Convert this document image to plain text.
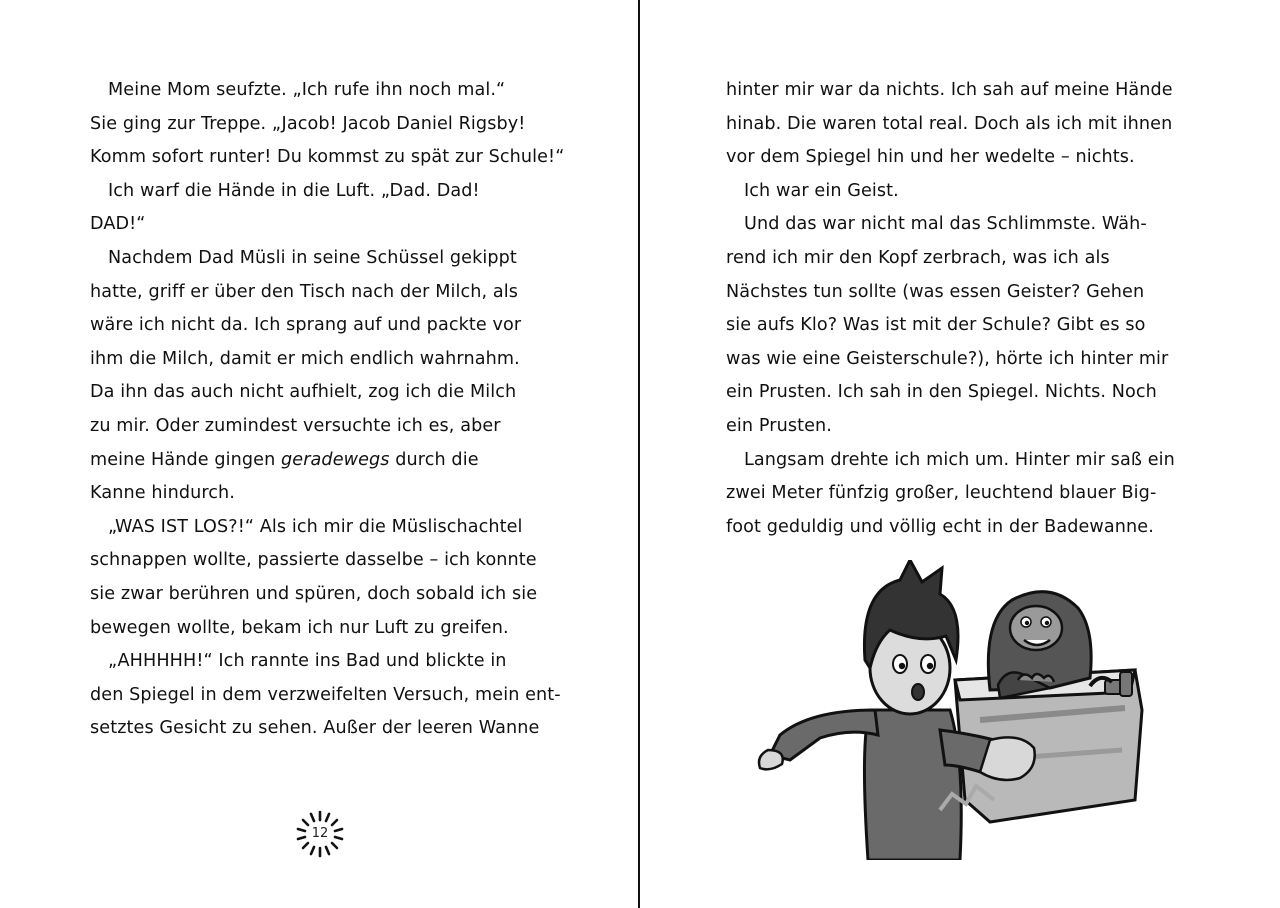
Meine Mom seufzte. „Ich rufe ihn noch mal.“
Sie ging zur Treppe. „Jacob! Jacob Daniel Rigsby!
Komm sofort runter! Du kommst zu spät zur Schule!“
Ich warf die Hände in die Luft. „Dad. Dad!
DAD!“
Nachdem Dad Müsli in seine Schüssel gekippt
hatte, griff er über den Tisch nach der Milch, als
wäre ich nicht da. Ich sprang auf und packte vor
ihm die Milch, damit er mich endlich wahrnahm.
Da ihn das auch nicht aufhielt, zog ich die Milch
zu mir. Oder zumindest versuchte ich es, aber
meine Hände gingen geradewegs durch die
Kanne hindurch.
„WAS IST LOS?!“ Als ich mir die Müslischachtel
schnappen wollte, passierte dasselbe – ich konnte
sie zwar berühren und spüren, doch sobald ich sie
bewegen wollte, bekam ich nur Luft zu greifen.
„AHHHHH!“ Ich rannte ins Bad und blickte in
den Spiegel in dem verzweifelten Versuch, mein ent-
setztes Gesicht zu sehen. Außer der leeren Wanne
12
hinter mir war da nichts. Ich sah auf meine Hände
hinab. Die waren total real. Doch als ich mit ihnen
vor dem Spiegel hin und her wedelte – nichts.
Ich war ein Geist.
Und das war nicht mal das Schlimmste. Wäh-
rend ich mir den Kopf zerbrach, was ich als
Nächstes tun sollte (was essen Geister? Gehen
sie aufs Klo? Was ist mit der Schule? Gibt es so
was wie eine Geisterschule?), hörte ich hinter mir
ein Prusten. Ich sah in den Spiegel. Nichts. Noch
ein Prusten.
Langsam drehte ich mich um. Hinter mir saß ein
zwei Meter fünfzig großer, leuchtend blauer Big-
foot geduldig und völlig echt in der Badewanne.
